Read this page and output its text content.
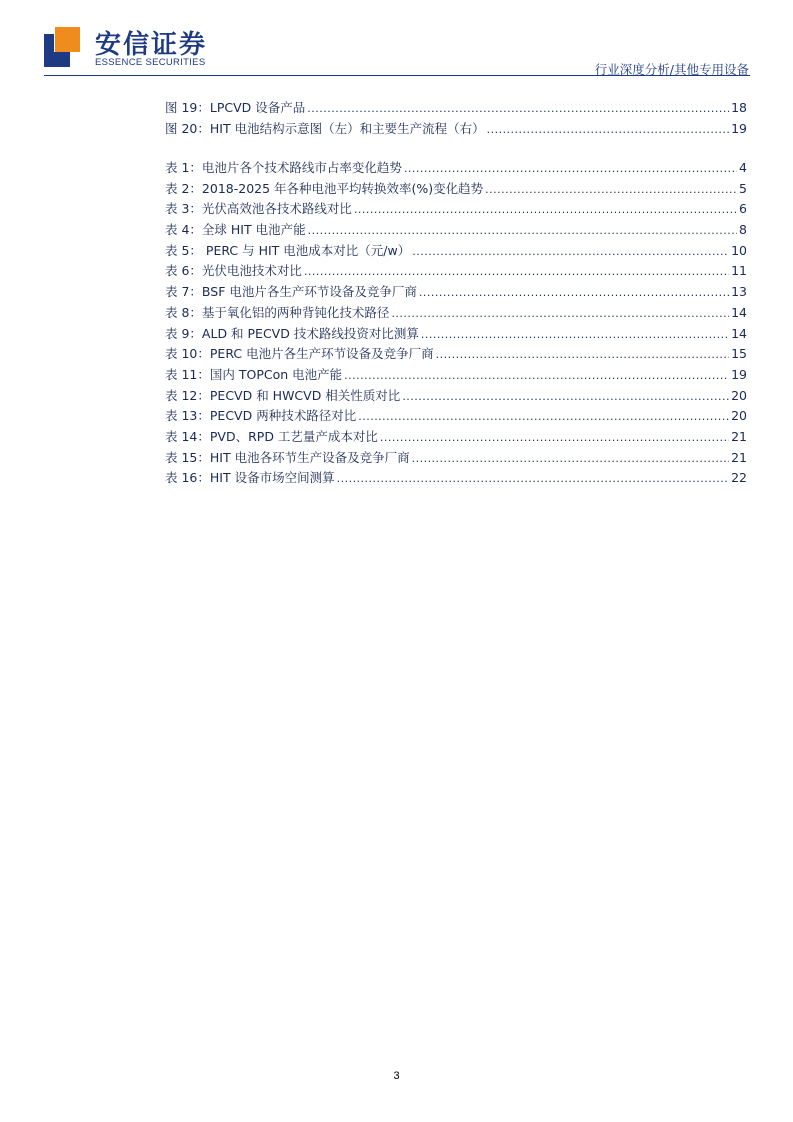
安信证券
ESSENCE SECURITIES	行业深度分析/其他专用设备
图 19：LPCVD 设备产品 .....	18
图 20：HIT 电池结构示意图（左）和主要生产流程（右） .....	19
表 1：电池片各个技术路线市占率变化趋势 .....	4
表 2：2018-2025 年各种电池平均转换效率(%)变化趋势 .....	5
表 3：光伏高效池各技术路线对比 .....	6
表 4：全球 HIT 电池产能 .....	8
表 5： PERC 与 HIT 电池成本对比（元/w） .....	10
表 6：光伏电池技术对比 .....	11
表 7：BSF 电池片各生产环节设备及竞争厂商 .....	13
表 8：基于氧化铝的两种背钝化技术路径 .....	14
表 9：ALD 和 PECVD 技术路线投资对比测算 .....	14
表 10：PERC 电池片各生产环节设备及竞争厂商 .....	15
表 11：国内 TOPCon 电池产能 .....	19
表 12：PECVD 和 HWCVD 相关性质对比 .....	20
表 13：PECVD 两种技术路径对比 .....	20
表 14：PVD、RPD 工艺量产成本对比 .....	21
表 15：HIT 电池各环节生产设备及竞争厂商 .....	21
表 16：HIT 设备市场空间测算 .....	22
3
